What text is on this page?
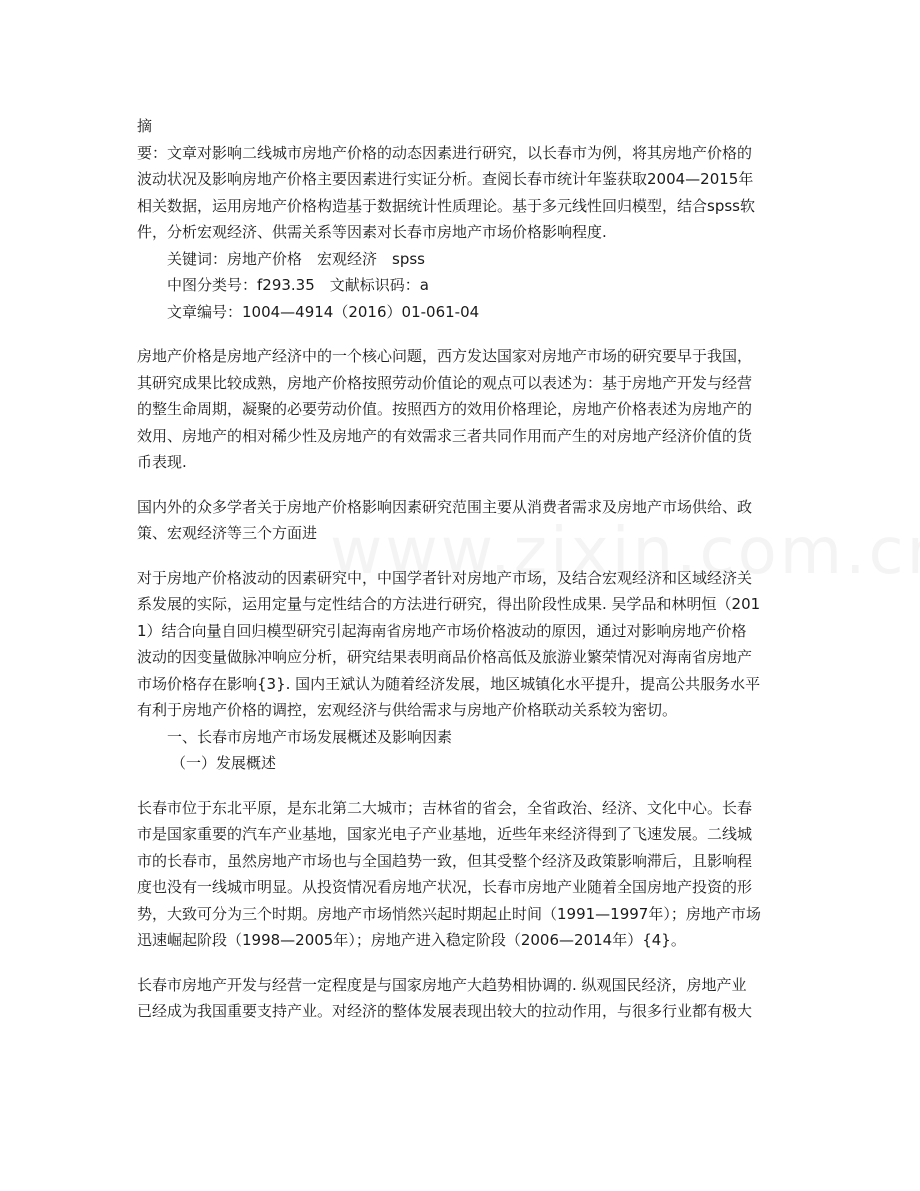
摘
要：文章对影响二线城市房地产价格的动态因素进行研究，以长春市为例，将其房地产价格的
波动状况及影响房地产价格主要因素进行实证分析。查阅长春市统计年鉴获取2004—2015年
相关数据，运用房地产价格构造基于数据统计性质理论。基于多元线性回归模型，结合spss软
件，分析宏观经济、供需关系等因素对长春市房地产市场价格影响程度.
关键词：房地产价格　宏观经济　spss
中图分类号：f293.35　文献标识码：a
文章编号：1004—4914（2016）01-061-04
房地产价格是房地产经济中的一个核心问题，西方发达国家对房地产市场的研究要早于我国，
其研究成果比较成熟，房地产价格按照劳动价值论的观点可以表述为：基于房地产开发与经营
的整生命周期，凝聚的必要劳动价值。按照西方的效用价格理论，房地产价格表述为房地产的
效用、房地产的相对稀少性及房地产的有效需求三者共同作用而产生的对房地产经济价值的货
币表现.
国内外的众多学者关于房地产价格影响因素研究范围主要从消费者需求及房地产市场供给、政
策、宏观经济等三个方面进
对于房地产价格波动的因素研究中，中国学者针对房地产市场，及结合宏观经济和区域经济关
系发展的实际，运用定量与定性结合的方法进行研究，得出阶段性成果. 吴学品和林明恒（201
1）结合向量自回归模型研究引起海南省房地产市场价格波动的原因，通过对影响房地产价格
波动的因变量做脉冲响应分析，研究结果表明商品价格高低及旅游业繁荣情况对海南省房地产
市场价格存在影响{3}. 国内王斌认为随着经济发展，地区城镇化水平提升，提高公共服务水平
有利于房地产价格的调控，宏观经济与供给需求与房地产价格联动关系较为密切。
一、长春市房地产市场发展概述及影响因素
（一）发展概述
长春市位于东北平原，是东北第二大城市；吉林省的省会，全省政治、经济、文化中心。长春
市是国家重要的汽车产业基地，国家光电子产业基地，近些年来经济得到了飞速发展。二线城
市的长春市，虽然房地产市场也与全国趋势一致，但其受整个经济及政策影响滞后，且影响程
度也没有一线城市明显。从投资情况看房地产状况，长春市房地产业随着全国房地产投资的形
势，大致可分为三个时期。房地产市场悄然兴起时期起止时间（1991—1997年）；房地产市场
迅速崛起阶段（1998—2005年）；房地产进入稳定阶段（2006—2014年）{4}。
长春市房地产开发与经营一定程度是与国家房地产大趋势相协调的. 纵观国民经济，房地产业
已经成为我国重要支持产业。对经济的整体发展表现出较大的拉动作用，与很多行业都有极大
